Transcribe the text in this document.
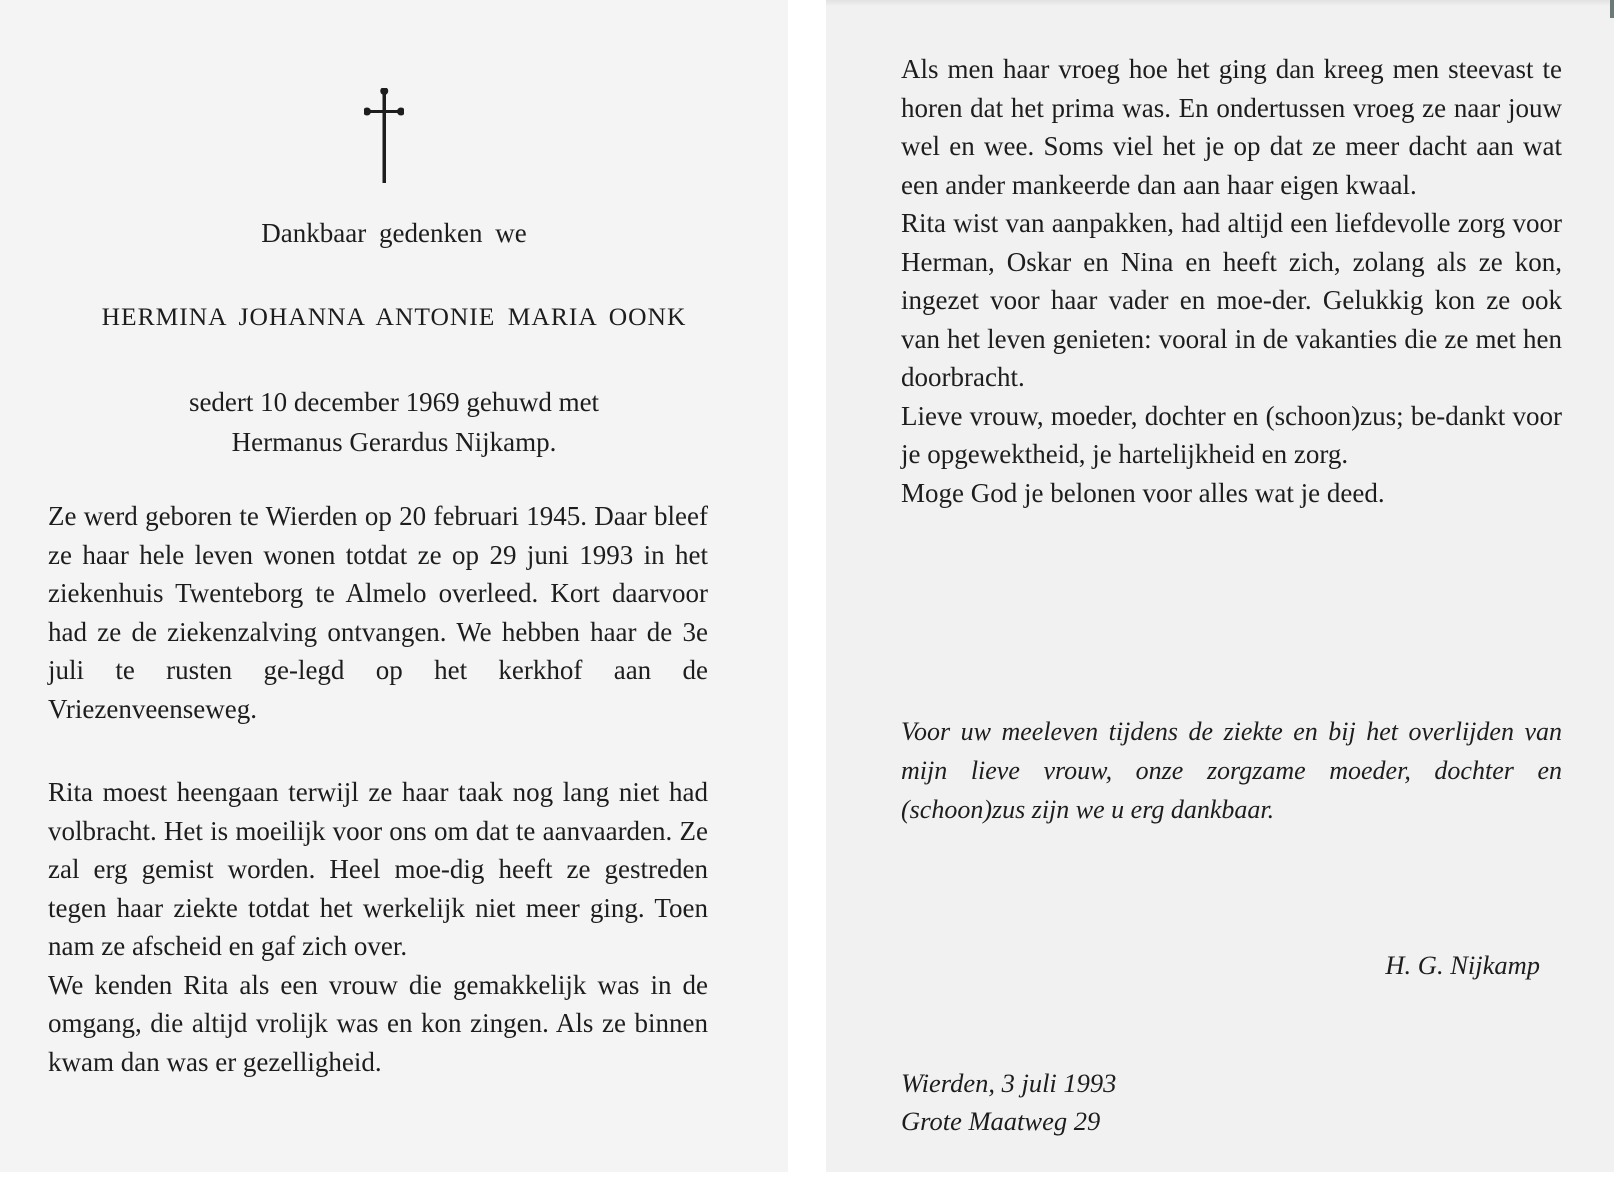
Dankbaar gedenken we
HERMINA JOHANNA ANTONIE MARIA OONK
sedert 10 december 1969 gehuwd met
Hermanus Gerardus Nijkamp.

Ze werd geboren te Wierden op 20 februari 1945. Daar bleef ze haar hele leven wonen totdat ze op 29 juni 1993 in het ziekenhuis Twenteborg te Almelo overleed. Kort daarvoor had ze de ziekenzalving ontvangen. We hebben haar de 3e juli te rusten ge-legd op het kerkhof aan de Vriezenveenseweg.

Rita moest heengaan terwijl ze haar taak nog lang niet had volbracht. Het is moeilijk voor ons om dat te aanvaarden. Ze zal erg gemist worden. Heel moe-dig heeft ze gestreden tegen haar ziekte totdat het werkelijk niet meer ging. Toen nam ze afscheid en gaf zich over.
We kenden Rita als een vrouw die gemakkelijk was in de omgang, die altijd vrolijk was en kon zingen. Als ze binnen kwam dan was er gezelligheid.
Als men haar vroeg hoe het ging dan kreeg men steevast te horen dat het prima was. En ondertussen vroeg ze naar jouw wel en wee. Soms viel het je op dat ze meer dacht aan wat een ander mankeerde dan aan haar eigen kwaal.
Rita wist van aanpakken, had altijd een liefdevolle zorg voor Herman, Oskar en Nina en heeft zich, zolang als ze kon, ingezet voor haar vader en moe-der. Gelukkig kon ze ook van het leven genieten: vooral in de vakanties die ze met hen doorbracht.
Lieve vrouw, moeder, dochter en (schoon)zus; be-dankt voor je opgewektheid, je hartelijkheid en zorg.
Moge God je belonen voor alles wat je deed.

Voor uw meeleven tijdens de ziekte en bij het overlijden van mijn lieve vrouw, onze zorgzame moeder, dochter en (schoon)zus zijn we u erg dankbaar.

H. G. Nijkamp
Wierden, 3 juli 1993
Grote Maatweg 29
